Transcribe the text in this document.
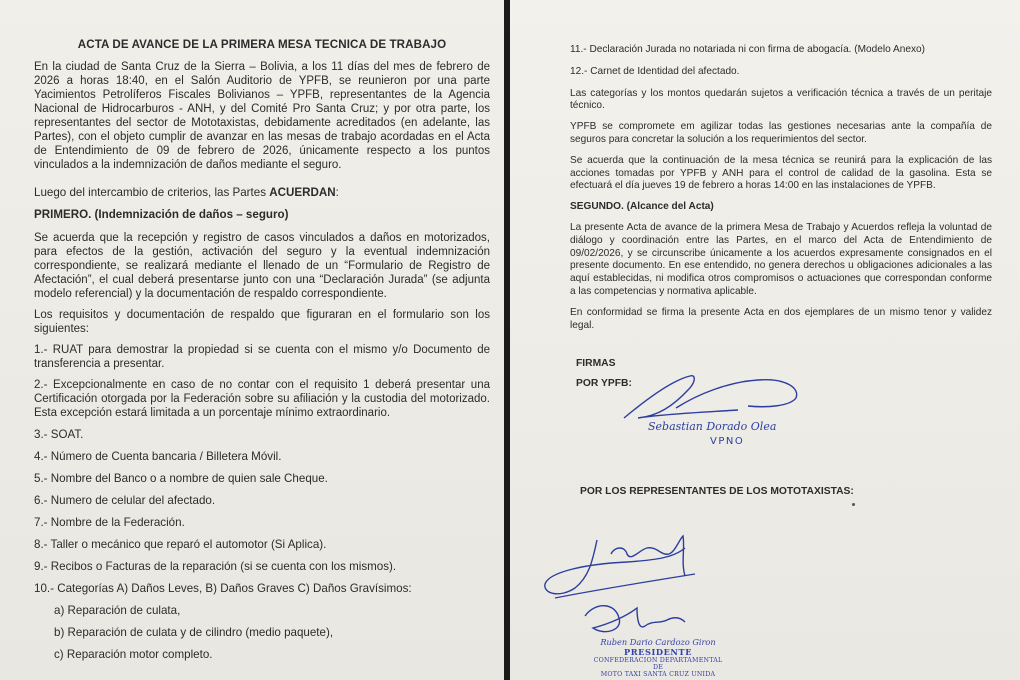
ACTA DE AVANCE DE LA PRIMERA MESA TECNICA DE TRABAJO

En la ciudad de Santa Cruz de la Sierra – Bolivia, a los 11 días del mes de febrero de 2026 a horas 18:40, en el Salón Auditorio de YPFB, se reunieron por una parte Yacimientos Petrolíferos Fiscales Bolivianos – YPFB, representantes de la Agencia Nacional de Hidrocarburos - ANH, y del Comité Pro Santa Cruz; y por otra parte, los representantes del sector de Mototaxistas, debidamente acreditados (en adelante, las Partes), con el objeto cumplir de avanzar en las mesas de trabajo acordadas en el Acta de Entendimiento de 09 de febrero de 2026, únicamente respecto a los puntos vinculados a la indemnización de daños mediante el seguro.

Luego del intercambio de criterios, las Partes ACUERDAN:

PRIMERO. (Indemnización de daños – seguro)

Se acuerda que la recepción y registro de casos vinculados a daños en motorizados, para efectos de la gestión, activación del seguro y la eventual indemnización correspondiente, se realizará mediante el llenado de un “Formulario de Registro de Afectación”, el cual deberá presentarse junto con una “Declaración Jurada” (se adjunta modelo referencial) y la documentación de respaldo correspondiente.

Los requisitos y documentación de respaldo que figuraran en el formulario son los siguientes:

1.- RUAT para demostrar la propiedad si se cuenta con el mismo y/o Documento de transferencia a presentar.

2.- Excepcionalmente en caso de no contar con el requisito 1 deberá presentar una Certificación otorgada por la Federación sobre su afiliación y la custodia del motorizado. Esta excepción estará limitada a un porcentaje mínimo extraordinario.

3.- SOAT.

4.- Número de Cuenta bancaria / Billetera Móvil.

5.- Nombre del Banco o a nombre de quien sale Cheque.

6.- Numero de celular del afectado.

7.- Nombre de la Federación.

8.- Taller o mecánico que reparó el automotor (Si Aplica).

9.- Recibos o Facturas de la reparación (si se cuenta con los mismos).

10.- Categorías A) Daños Leves, B) Daños Graves C) Daños Gravísimos:

a) Reparación de culata,

b) Reparación de culata y de cilindro (medio paquete),

c) Reparación motor completo.

11.- Declaración Jurada no notariada ni con firma de abogacía. (Modelo Anexo)

12.- Carnet de Identidad del afectado.

Las categorías y los montos quedarán sujetos a verificación técnica a través de un peritaje técnico.

YPFB se compromete em agilizar todas las gestiones necesarias ante la compañía de seguros para concretar la solución a los requerimientos del sector.

Se acuerda que la continuación de la mesa técnica se reunirá para la explicación de las acciones tomadas por YPFB y ANH para el control de calidad de la gasolina. Esta se efectuará el día jueves 19 de febrero a horas 14:00 en las instalaciones de YPFB.

SEGUNDO. (Alcance del Acta)

La presente Acta de avance de la primera Mesa de Trabajo y Acuerdos refleja la voluntad de diálogo y coordinación entre las Partes, en el marco del Acta de Entendimiento de 09/02/2026, y se circunscribe únicamente a los acuerdos expresamente consignados en el presente documento. En ese entendido, no genera derechos u obligaciones adicionales a las aquí establecidas, ni modifica otros compromisos o actuaciones que correspondan conforme a las competencias y normativa aplicable.

En conformidad se firma la presente Acta en dos ejemplares de un mismo tenor y validez legal.

FIRMAS

POR YPFB:

Sebastian Dorado Olea
VPNO
POR LOS REPRESENTANTES DE LOS MOTOTAXISTAS:
Ruben Dario Cardozo Giron
PRESIDENTE
CONFEDERACION DEPARTAMENTAL DE
MOTO TAXI SANTA CRUZ UNIDA
